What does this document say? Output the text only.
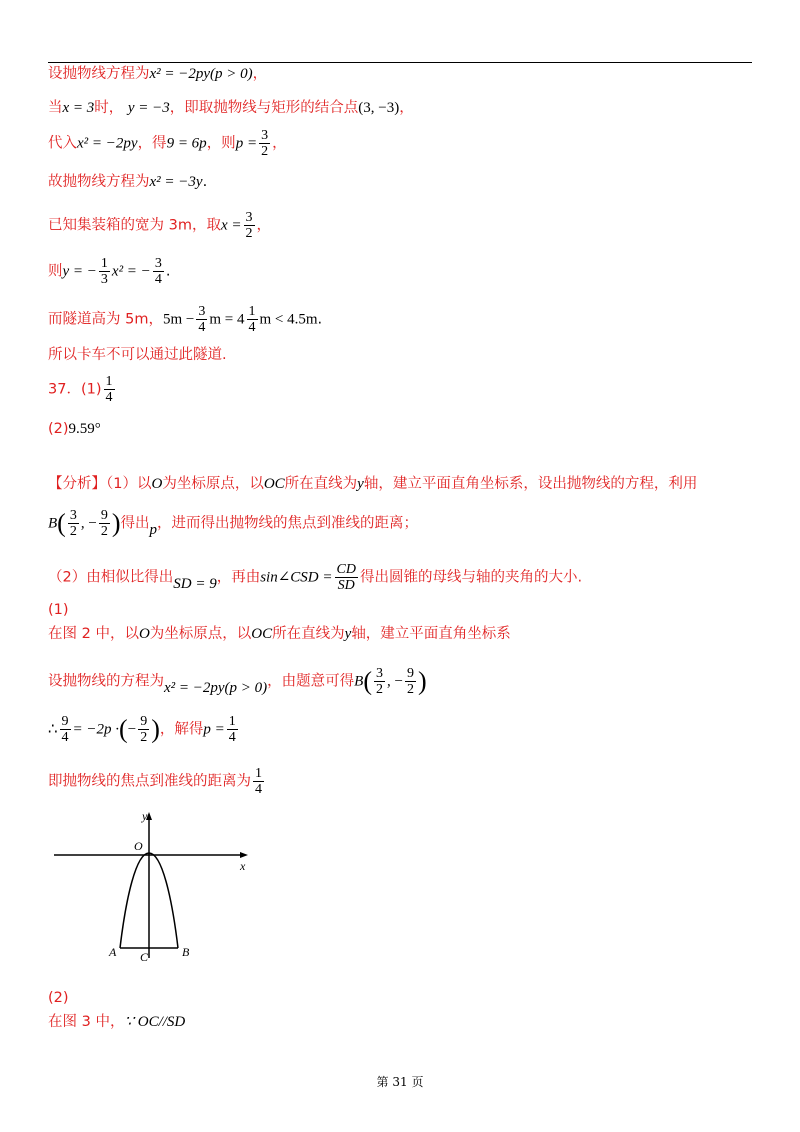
设抛物线方程为x² = −2py(p > 0)，
当x = 3时， y = −3，即取抛物线与矩形的结合点(3, −3)，
代入x² = −2py，得9 = 6p，则$p = \frac{3}{2}$ ，
故抛物线方程为x² = −3y.
已知集装箱的宽为 3m，取$x = \frac{3}{2}$ ，
则y = − $\frac{1}{3} x^2$ = − $\frac{3}{4}$ .
而隧道高为 5m，$5m - \frac{3}{4}$ $m = 4 \frac{1}{4}$ m < 4.5m.
所以卡车不可以通过此隧道.
37．$(1) \frac{1}{4}$
(2)9.59°
【分析】（1）以O为坐标原点，以OC所在直线为y轴，建立平面直角坐标系，设出抛物线的方程，利用
$B( \frac{3}{2}$ , − $\frac{9}{2}$ )得出p，进而得出抛物线的焦点到准线的距离；
（2）由相似比得出SD = 9，再由sin∠CSD = $\frac{CD}{SD}$ 得出圆锥的母线与轴的夹角的大小.
(1)
在图 2 中，以O为坐标原点，以OC所在直线为y轴，建立平面直角坐标系
设抛物线的方程为x² = −2py(p > 0)，由题意可得$B( \frac{3}{2}$ , − $\frac{9}{2}$ )
∴ $\frac{9}{4} = -2p$ ·(− $\frac{9}{2}$ )，解得$p = \frac{1}{4}$
即抛物线的焦点到准线的距离为 $\frac{1}{4}$
y
x
O
A C	B
(2)
在图 3 中，∵ OC//SD
第 31 页
